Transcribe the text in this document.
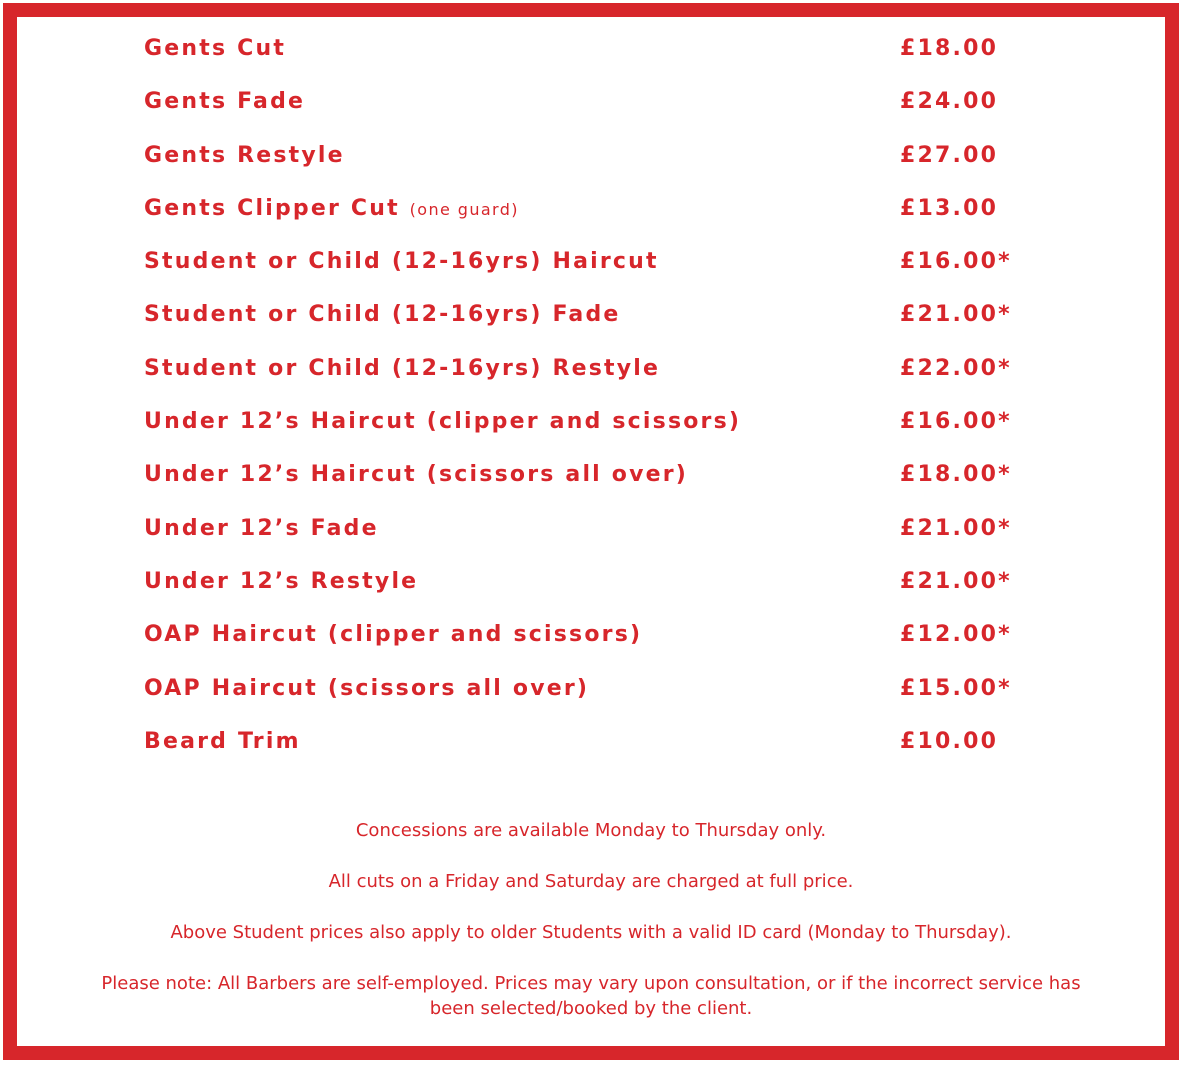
Gents Cut	£18.00
Gents Fade	£24.00
Gents Restyle	£27.00
Gents Clipper Cut (one guard)	£13.00
Student or Child (12-16yrs) Haircut	£16.00*
Student or Child (12-16yrs) Fade	£21.00*
Student or Child (12-16yrs) Restyle	£22.00*
Under 12’s Haircut (clipper and scissors)	£16.00*
Under 12’s Haircut (scissors all over)	£18.00*
Under 12’s Fade	£21.00*
Under 12’s Restyle	£21.00*
OAP Haircut (clipper and scissors)	£12.00*
OAP Haircut (scissors all over)	£15.00*
Beard Trim	£10.00

Concessions are available Monday to Thursday only.

All cuts on a Friday and Saturday are charged at full price.

Above Student prices also apply to older Students with a valid ID card (Monday to Thursday).

Please note: All Barbers are self-employed. Prices may vary upon consultation, or if the incorrect service has been selected/booked by the client.
